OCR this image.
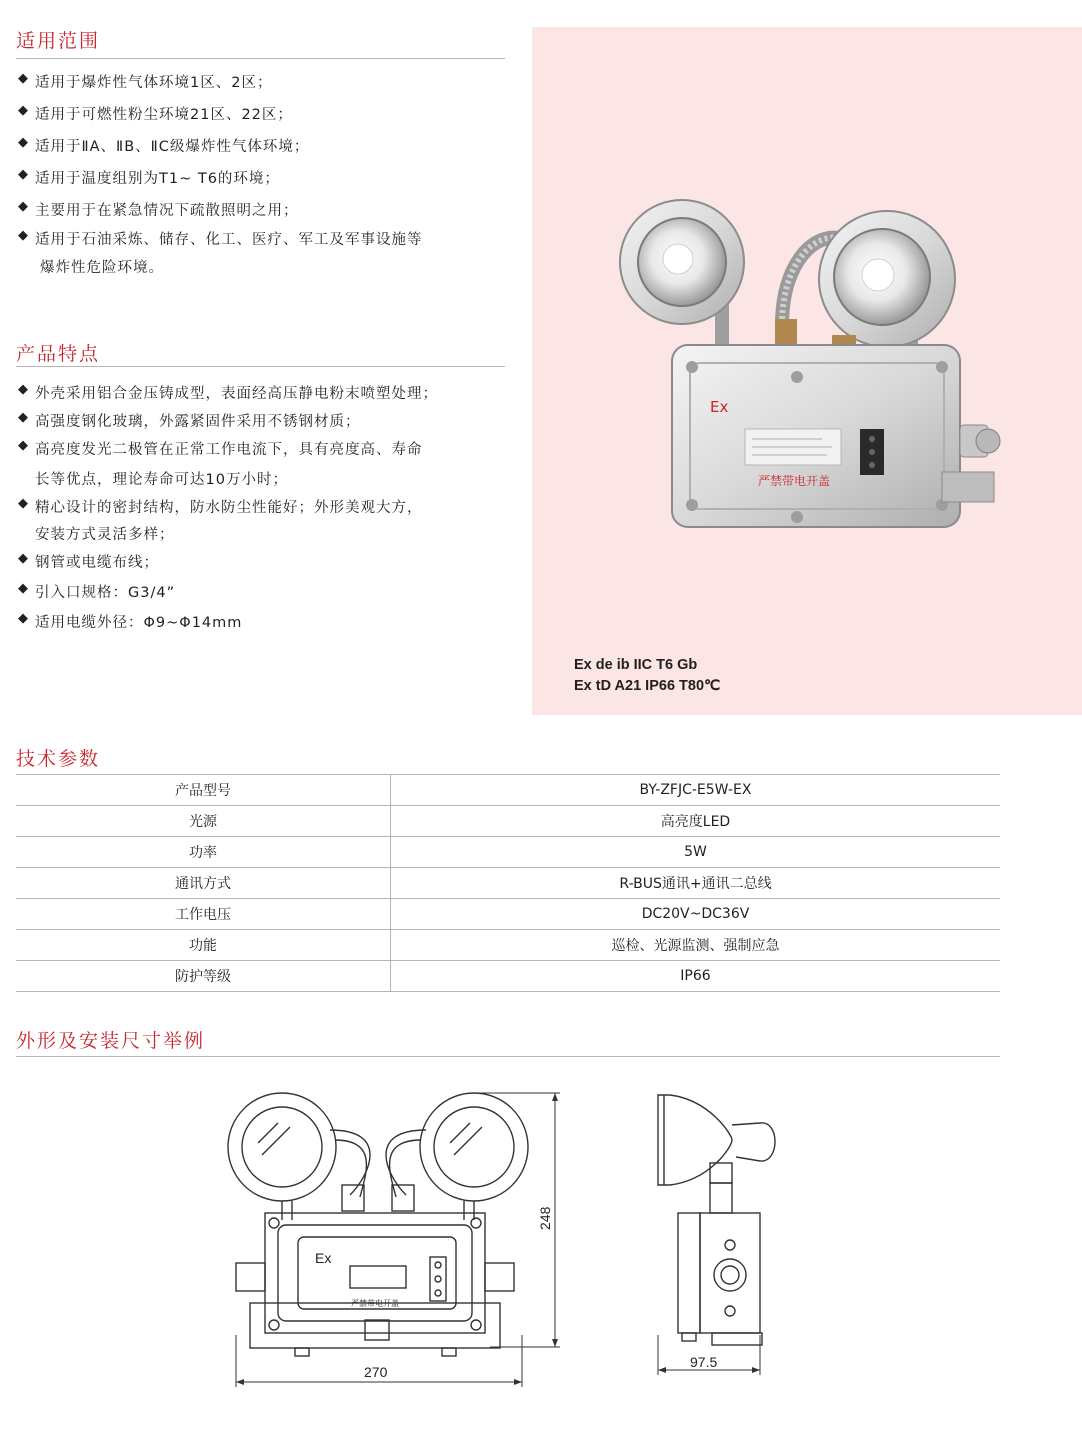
适用范围
◆ 适用于爆炸性气体环境1区、2区；
◆ 适用于可燃性粉尘环境21区、22区；
◆ 适用于ⅡA、ⅡB、ⅡC级爆炸性气体环境；
◆ 适用于温度组别为T1~ T6的环境；
◆ 主要用于在紧急情况下疏散照明之用；
◆ 适用于石油采炼、储存、化工、医疗、军工及军事设施等
爆炸性危险环境。
产品特点
◆ 外壳采用铝合金压铸成型，表面经高压静电粉末喷塑处理；
◆ 高强度钢化玻璃，外露紧固件采用不锈钢材质；
◆ 高亮度发光二极管在正常工作电流下，具有亮度高、寿命
长等优点，理论寿命可达10万小时；
◆ 精心设计的密封结构，防水防尘性能好；外形美观大方，
安装方式灵活多样；
◆ 钢管或电缆布线；
◆ 引入口规格：G3/4”
◆ 适用电缆外径：Φ9~Φ14mm
Ex
严禁带电开盖
Ex de ib IIC T6 Gb
Ex tD A21 IP66 T80℃
技术参数
产品型号	BY-ZFJC-E5W-EX
光源	高亮度LED
功率	5W
通讯方式	R-BUS通讯+通讯二总线
工作电压	DC20V~DC36V
功能	巡检、光源监测、强制应急
防护等级	IP66
外形及安装尺寸举例
Ex
严禁带电开盖
248
270
97.5
